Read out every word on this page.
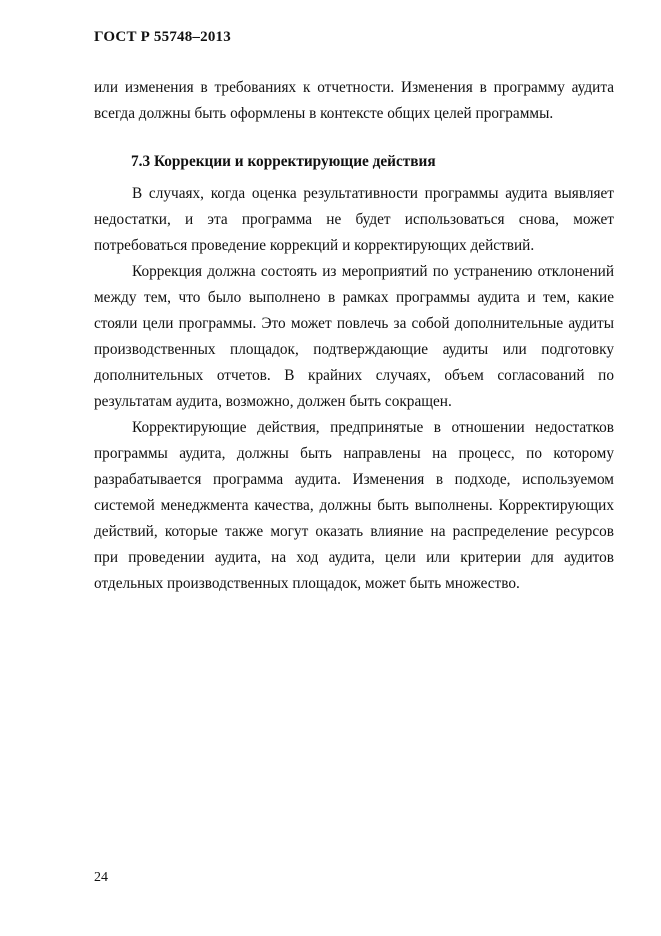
ГОСТ Р 55748–2013

или изменения в требованиях к отчетности. Изменения в программу аудита всегда должны быть оформлены в контексте общих целей программы.

7.3 Коррекции и корректирующие действия

В случаях, когда оценка результативности программы аудита выявляет недостатки, и эта программа не будет использоваться снова, может потребоваться проведение коррекций и корректирующих действий.

Коррекция должна состоять из мероприятий по устранению отклонений между тем, что было выполнено в рамках программы аудита и тем, какие стояли цели программы. Это может повлечь за собой дополнительные аудиты производственных площадок, подтверждающие аудиты или подготовку дополнительных отчетов. В крайних случаях, объем согласований по результатам аудита, возможно, должен быть сокращен.

Корректирующие действия, предпринятые в отношении недостатков программы аудита, должны быть направлены на процесс, по которому разрабатывается программа аудита. Изменения в подходе, используемом системой менеджмента качества, должны быть выполнены. Корректирующих действий, которые также могут оказать влияние на распределение ресурсов при проведении аудита, на ход аудита, цели или критерии для аудитов отдельных производственных площадок, может быть множество.

24
